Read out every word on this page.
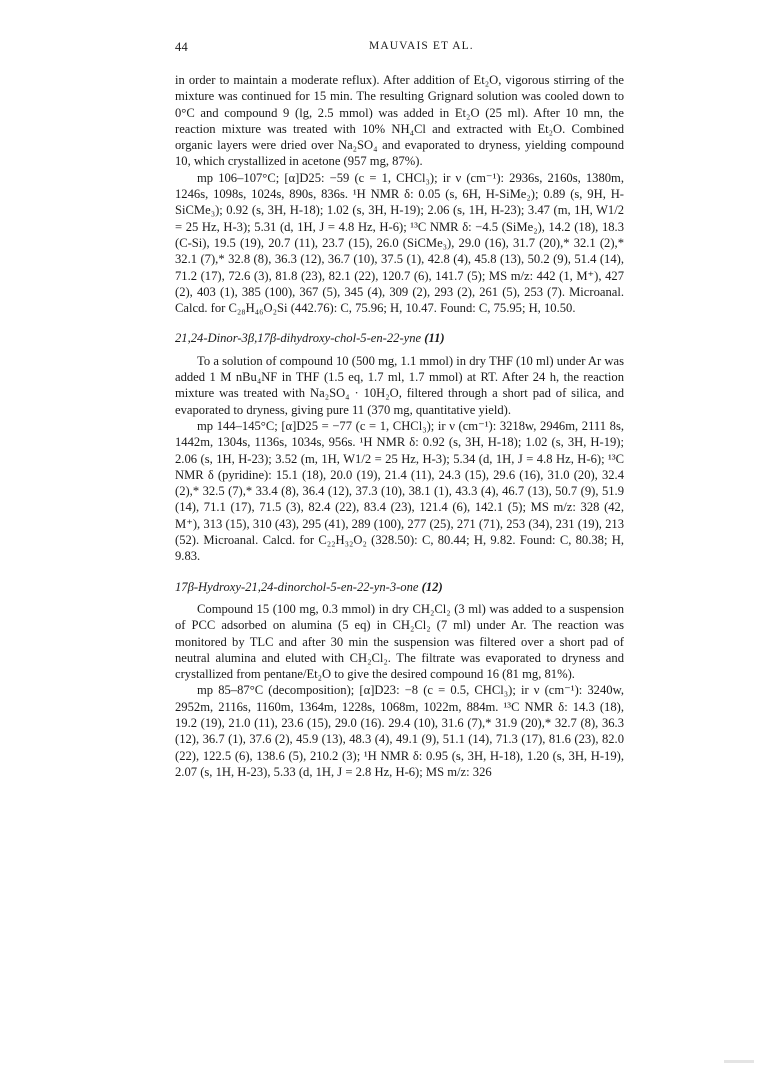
44	MAUVAIS ET AL.

in order to maintain a moderate reflux). After addition of Et₂O, vigorous stirring of the mixture was continued for 15 min. The resulting Grignard solution was cooled down to 0°C and compound 9 (lg, 2.5 mmol) was added in Et₂O (25 ml). After 10 mn, the reaction mixture was treated with 10% NH₄Cl and extracted with Et₂O. Combined organic layers were dried over Na₂SO₄ and evaporated to dryness, yielding compound 10, which crystallized in acetone (957 mg, 87%).

mp 106–107°C; [α]D25: −59 (c = 1, CHCl₃); ir ν (cm⁻¹): 2936s, 2160s, 1380m, 1246s, 1098s, 1024s, 890s, 836s. ¹H NMR δ: 0.05 (s, 6H, H-SiMe₂); 0.89 (s, 9H, H-SiCMe₃); 0.92 (s, 3H, H-18); 1.02 (s, 3H, H-19); 2.06 (s, 1H, H-23); 3.47 (m, 1H, W1/2 = 25 Hz, H-3); 5.31 (d, 1H, J = 4.8 Hz, H-6); ¹³C NMR δ: −4.5 (SiMe₂), 14.2 (18), 18.3 (C-Si), 19.5 (19), 20.7 (11), 23.7 (15), 26.0 (SiCMe₃), 29.0 (16), 31.7 (20),* 32.1 (2),* 32.1 (7),* 32.8 (8), 36.3 (12), 36.7 (10), 37.5 (1), 42.8 (4), 45.8 (13), 50.2 (9), 51.4 (14), 71.2 (17), 72.6 (3), 81.8 (23), 82.1 (22), 120.7 (6), 141.7 (5); MS m/z: 442 (1, M⁺), 427 (2), 403 (1), 385 (100), 367 (5), 345 (4), 309 (2), 293 (2), 261 (5), 253 (7). Microanal. Calcd. for C₂₈H₄₆O₂Si (442.76): C, 75.96; H, 10.47. Found: C, 75.95; H, 10.50.

21,24-Dinor-3β,17β-dihydroxy-chol-5-en-22-yne (11)

To a solution of compound 10 (500 mg, 1.1 mmol) in dry THF (10 ml) under Ar was added 1 M nBu₄NF in THF (1.5 eq, 1.7 ml, 1.7 mmol) at RT. After 24 h, the reaction mixture was treated with Na₂SO₄ · 10H₂O, filtered through a short pad of silica, and evaporated to dryness, giving pure 11 (370 mg, quantitative yield).

mp 144–145°C; [α]D25 = −77 (c = 1, CHCl₃); ir ν (cm⁻¹): 3218w, 2946m, 2111 8s, 1442m, 1304s, 1136s, 1034s, 956s. ¹H NMR δ: 0.92 (s, 3H, H-18); 1.02 (s, 3H, H-19); 2.06 (s, 1H, H-23); 3.52 (m, 1H, W1/2 = 25 Hz, H-3); 5.34 (d, 1H, J = 4.8 Hz, H-6); ¹³C NMR δ (pyridine): 15.1 (18), 20.0 (19), 21.4 (11), 24.3 (15), 29.6 (16), 31.0 (20), 32.4 (2),* 32.5 (7),* 33.4 (8), 36.4 (12), 37.3 (10), 38.1 (1), 43.3 (4), 46.7 (13), 50.7 (9), 51.9 (14), 71.1 (17), 71.5 (3), 82.4 (22), 83.4 (23), 121.4 (6), 142.1 (5); MS m/z: 328 (42, M⁺), 313 (15), 310 (43), 295 (41), 289 (100), 277 (25), 271 (71), 253 (34), 231 (19), 213 (52). Microanal. Calcd. for C₂₂H₃₂O₂ (328.50): C, 80.44; H, 9.82. Found: C, 80.38; H, 9.83.

17β-Hydroxy-21,24-dinorchol-5-en-22-yn-3-one (12)

Compound 15 (100 mg, 0.3 mmol) in dry CH₂Cl₂ (3 ml) was added to a suspension of PCC adsorbed on alumina (5 eq) in CH₂Cl₂ (7 ml) under Ar. The reaction was monitored by TLC and after 30 min the suspension was filtered over a short pad of neutral alumina and eluted with CH₂Cl₂. The filtrate was evaporated to dryness and crystallized from pentane/Et₂O to give the desired compound 16 (81 mg, 81%).

mp 85–87°C (decomposition); [α]D23: −8 (c = 0.5, CHCl₃); ir ν (cm⁻¹): 3240w, 2952m, 2116s, 1160m, 1364m, 1228s, 1068m, 1022m, 884m. ¹³C NMR δ: 14.3 (18), 19.2 (19), 21.0 (11), 23.6 (15), 29.0 (16). 29.4 (10), 31.6 (7),* 31.9 (20),* 32.7 (8), 36.3 (12), 36.7 (1), 37.6 (2), 45.9 (13), 48.3 (4), 49.1 (9), 51.1 (14), 71.3 (17), 81.6 (23), 82.0 (22), 122.5 (6), 138.6 (5), 210.2 (3); ¹H NMR δ: 0.95 (s, 3H, H-18), 1.20 (s, 3H, H-19), 2.07 (s, 1H, H-23), 5.33 (d, 1H, J = 2.8 Hz, H-6); MS m/z: 326
